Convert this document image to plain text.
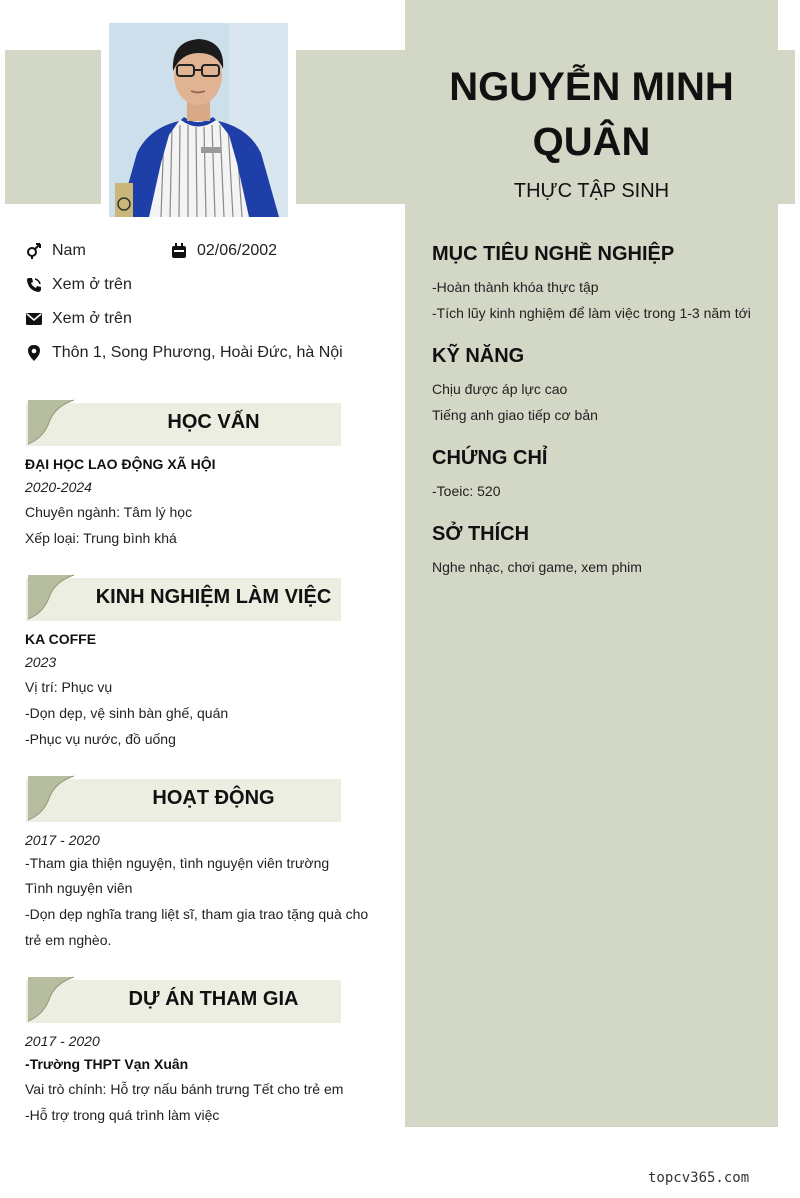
NGUYỄN MINH QUÂN
THỰC TẬP SINH
Nam	02/06/2002
Xem ở trên
Xem ở trên
Thôn 1, Song Phương, Hoài Đức, hà Nội
HỌC VẤN
ĐẠI HỌC LAO ĐỘNG XÃ HỘI
2020-2024
Chuyên ngành: Tâm lý học
Xếp loại: Trung bình khá
KINH NGHIỆM LÀM VIỆC
KA COFFE
2023
Vị trí: Phục vụ
-Dọn dẹp, vệ sinh bàn ghế, quán
-Phục vụ nước, đồ uống
HOẠT ĐỘNG
2017 - 2020
-Tham gia thiện nguyện, tình nguyện viên trường
Tình nguyện viên
-Dọn dẹp nghĩa trang liệt sĩ, tham gia trao tặng quà cho
trẻ em nghèo.
DỰ ÁN THAM GIA
2017 - 2020
-Trường THPT Vạn Xuân
Vai trò chính: Hỗ trợ nấu bánh trưng Tết cho trẻ em
-Hỗ trợ trong quá trình làm việc
MỤC TIÊU NGHỀ NGHIỆP
-Hoàn thành khóa thực tập
-Tích lũy kinh nghiệm để làm việc trong 1-3 năm tới
KỸ NĂNG
Chịu được áp lực cao
Tiếng anh giao tiếp cơ bản
CHỨNG CHỈ
-Toeic: 520
SỞ THÍCH
Nghe nhạc, chơi game, xem phim
topcv365.com
